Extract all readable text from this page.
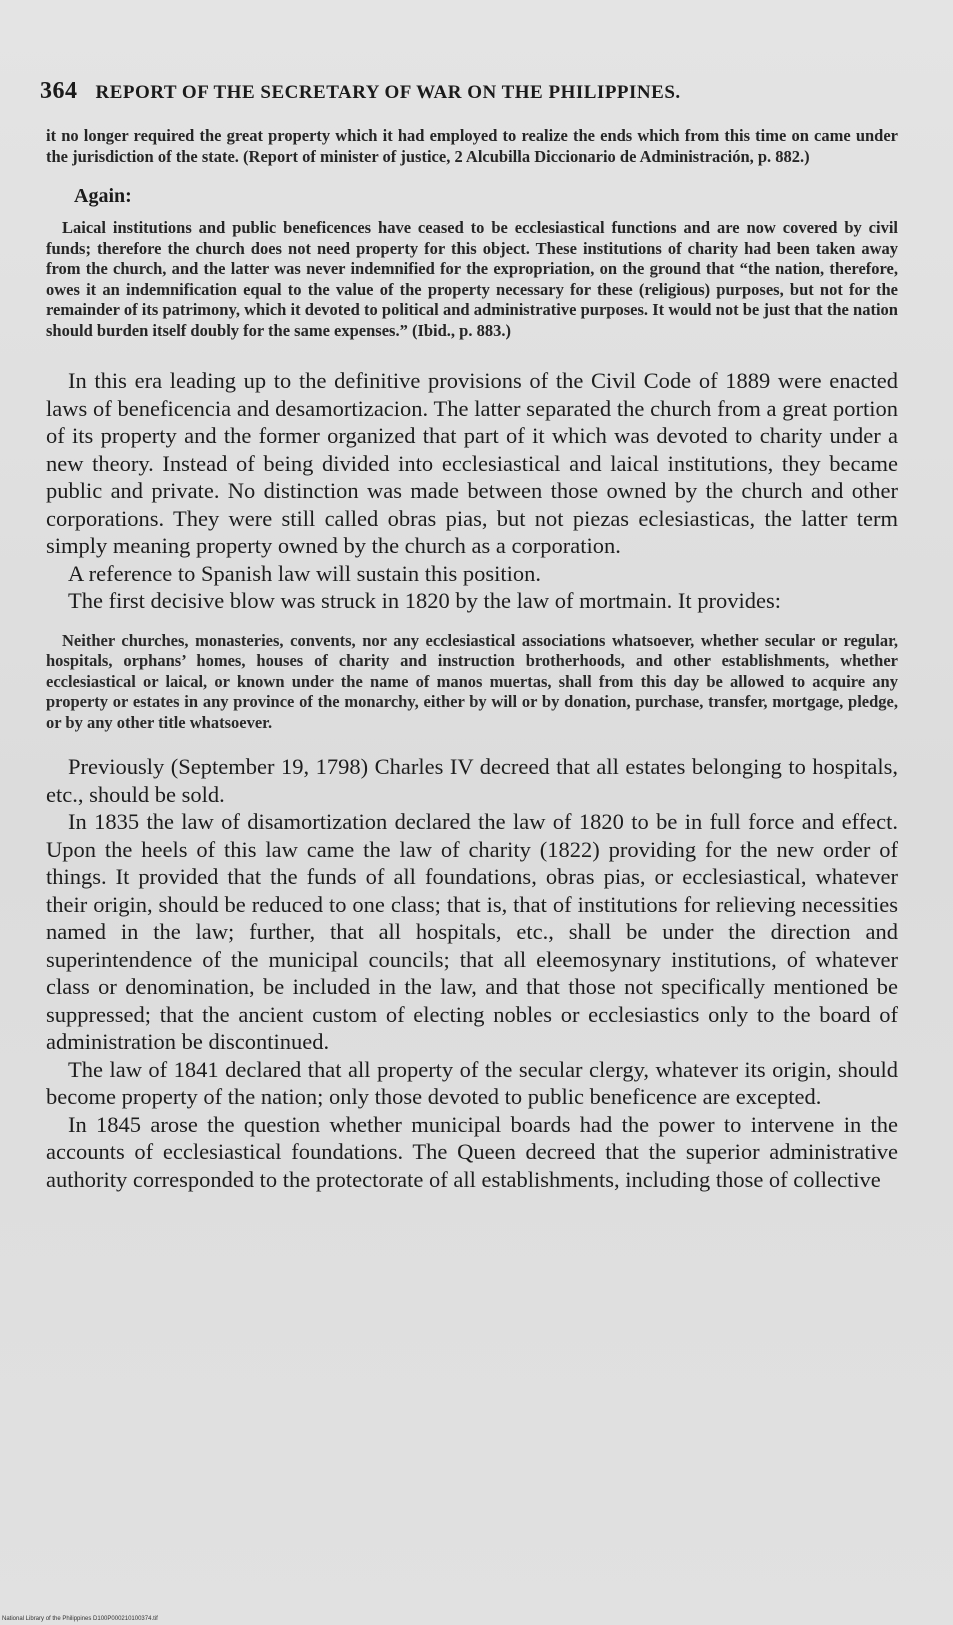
364 REPORT OF THE SECRETARY OF WAR ON THE PHILIPPINES.

it no longer required the great property which it had employed to realize the ends which from this time on came under the jurisdiction of the state. (Report of minister of justice, 2 Alcubilla Diccionario de Administración, p. 882.)

Again:

Laical institutions and public beneficences have ceased to be ecclesiastical functions and are now covered by civil funds; therefore the church does not need property for this object. These institutions of charity had been taken away from the church, and the latter was never indemnified for the expropriation, on the ground that “the nation, therefore, owes it an indemnification equal to the value of the property necessary for these (religious) purposes, but not for the remainder of its patrimony, which it devoted to political and administrative purposes. It would not be just that the nation should burden itself doubly for the same expenses.” (Ibid., p. 883.)

In this era leading up to the definitive provisions of the Civil Code of 1889 were enacted laws of beneficencia and desamortizacion. The latter separated the church from a great portion of its property and the former organized that part of it which was devoted to charity under a new theory. Instead of being divided into ecclesiastical and laical institutions, they became public and private. No distinction was made between those owned by the church and other corporations. They were still called obras pias, but not piezas eclesiasticas, the latter term simply meaning property owned by the church as a corporation.

A reference to Spanish law will sustain this position.

The first decisive blow was struck in 1820 by the law of mortmain. It provides:

Neither churches, monasteries, convents, nor any ecclesiastical associations whatsoever, whether secular or regular, hospitals, orphans’ homes, houses of charity and instruction brotherhoods, and other establishments, whether ecclesiastical or laical, or known under the name of manos muertas, shall from this day be allowed to acquire any property or estates in any province of the monarchy, either by will or by donation, purchase, transfer, mortgage, pledge, or by any other title whatsoever.

Previously (September 19, 1798) Charles IV decreed that all estates belonging to hospitals, etc., should be sold.

In 1835 the law of disamortization declared the law of 1820 to be in full force and effect. Upon the heels of this law came the law of charity (1822) providing for the new order of things. It provided that the funds of all foundations, obras pias, or ecclesiastical, whatever their origin, should be reduced to one class; that is, that of institutions for relieving necessities named in the law; further, that all hospitals, etc., shall be under the direction and superintendence of the municipal councils; that all eleemosynary institutions, of whatever class or denomination, be included in the law, and that those not specifically mentioned be suppressed; that the ancient custom of electing nobles or ecclesiastics only to the board of administration be discontinued.

The law of 1841 declared that all property of the secular clergy, whatever its origin, should become property of the nation; only those devoted to public beneficence are excepted.

In 1845 arose the question whether municipal boards had the power to intervene in the accounts of ecclesiastical foundations. The Queen decreed that the superior administrative authority corresponded to the protectorate of all establishments, including those of collective

National Library of the Philippines D100P000210100374.tif
